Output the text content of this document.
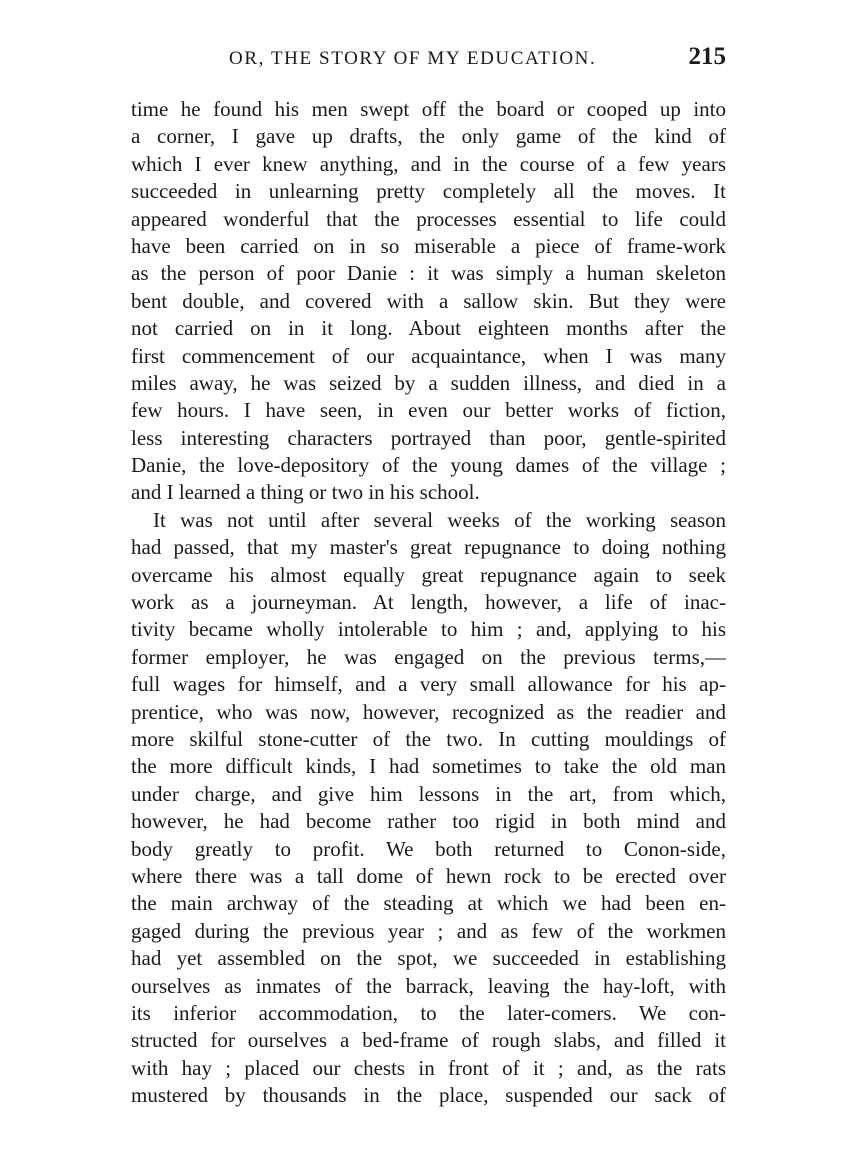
OR, THE STORY OF MY EDUCATION.	215
time he found his men swept off the board or cooped up into
a corner, I gave up drafts, the only game of the kind of
which I ever knew anything, and in the course of a few years
succeeded in unlearning pretty completely all the moves. It
appeared wonderful that the processes essential to life could
have been carried on in so miserable a piece of frame-work
as the person of poor Danie : it was simply a human skeleton
bent double, and covered with a sallow skin. But they were
not carried on in it long. About eighteen months after the
first commencement of our acquaintance, when I was many
miles away, he was seized by a sudden illness, and died in a
few hours. I have seen, in even our better works of fiction,
less interesting characters portrayed than poor, gentle-spirited
Danie, the love-depository of the young dames of the village ;
and I learned a thing or two in his school.
It was not until after several weeks of the working season
had passed, that my master's great repugnance to doing nothing
overcame his almost equally great repugnance again to seek
work as a journeyman. At length, however, a life of inac-
tivity became wholly intolerable to him ; and, applying to his
former employer, he was engaged on the previous terms,—
full wages for himself, and a very small allowance for his ap-
prentice, who was now, however, recognized as the readier and
more skilful stone-cutter of the two. In cutting mouldings of
the more difficult kinds, I had sometimes to take the old man
under charge, and give him lessons in the art, from which,
however, he had become rather too rigid in both mind and
body greatly to profit. We both returned to Conon-side,
where there was a tall dome of hewn rock to be erected over
the main archway of the steading at which we had been en-
gaged during the previous year ; and as few of the workmen
had yet assembled on the spot, we succeeded in establishing
ourselves as inmates of the barrack, leaving the hay-loft, with
its inferior accommodation, to the later-comers. We con-
structed for ourselves a bed-frame of rough slabs, and filled it
with hay ; placed our chests in front of it ; and, as the rats
mustered by thousands in the place, suspended our sack of
